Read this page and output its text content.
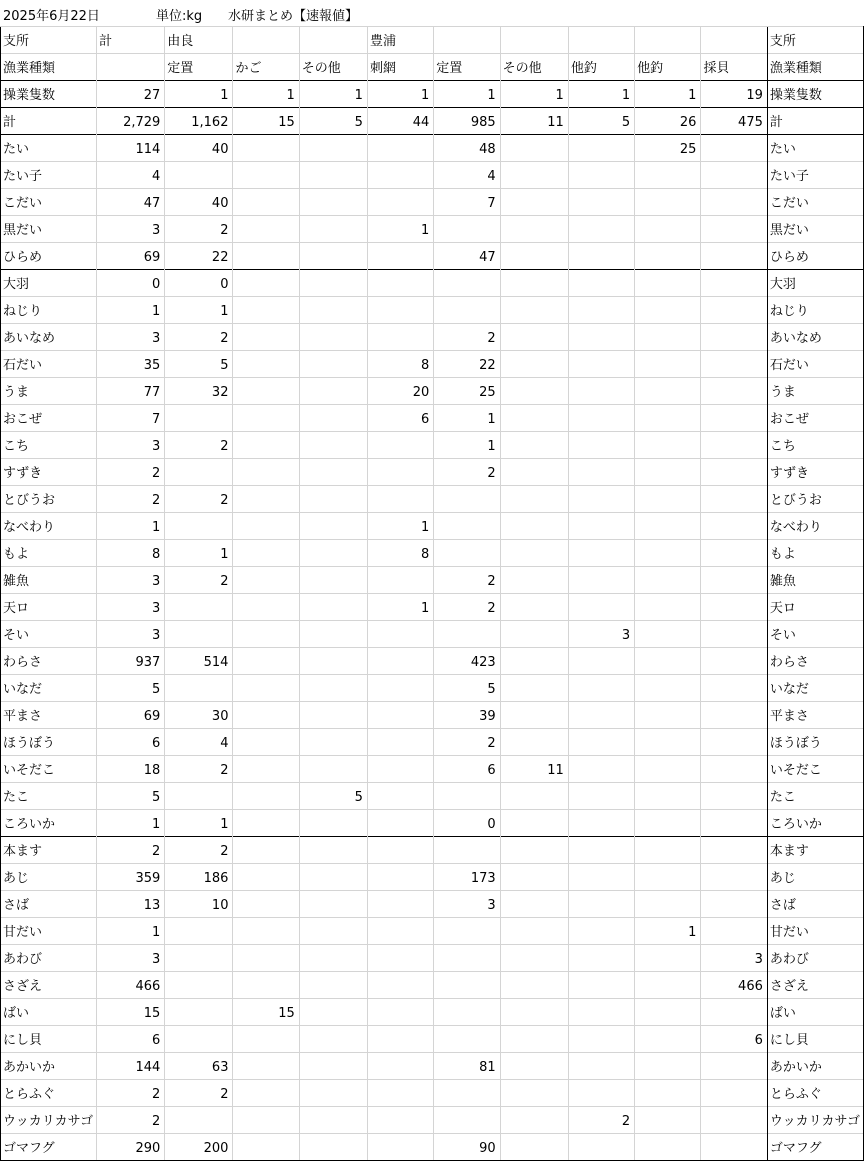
2025年6月22日	単位:kg 水研まとめ【速報値】
支所	計	由良			豊浦						支所
漁業種類		定置	かご	その他	刺網	定置	その他	他釣	他釣	採貝	漁業種類
操業隻数	27	1	1	1	1	1	1	1	1	19	操業隻数
計	2,729	1,162	15	5	44	985	11	5	26	475	計
たい	114	40				48			25		たい
たい子	4					4					たい子
こだい	47	40				7					こだい
黒だい	3	2			1						黒だい
ひらめ	69	22				47					ひらめ
大羽	0	0									大羽
ねじり	1	1									ねじり
あいなめ	3	2				2					あいなめ
石だい	35	5			8	22					石だい
うま	77	32			20	25					うま
おこぜ	7				6	1					おこぜ
こち	3	2				1					こち
すずき	2					2					すずき
とびうお	2	2									とびうお
なべわり	1				1						なべわり
もよ	8	1			8						もよ
雑魚	3	2				2					雑魚
天ロ	3				1	2					天ロ
そい	3							3			そい
わらさ	937	514				423					わらさ
いなだ	5					5					いなだ
平まさ	69	30				39					平まさ
ほうぼう	6	4				2					ほうぼう
いそだこ	18	2				6	11				いそだこ
たこ	5			5							たこ
ころいか	1	1				0					ころいか
本ます	2	2									本ます
あじ	359	186				173					あじ
さば	13	10				3					さば
甘だい	1								1		甘だい
あわび	3									3	あわび
さざえ	466									466	さざえ
ばい	15		15								ばい
にし貝	6									6	にし貝
あかいか	144	63				81					あかいか
とらふぐ	2	2									とらふぐ
ウッカリカサゴ	2							2			ウッカリカサゴ
ゴマフグ	290	200				90					ゴマフグ
